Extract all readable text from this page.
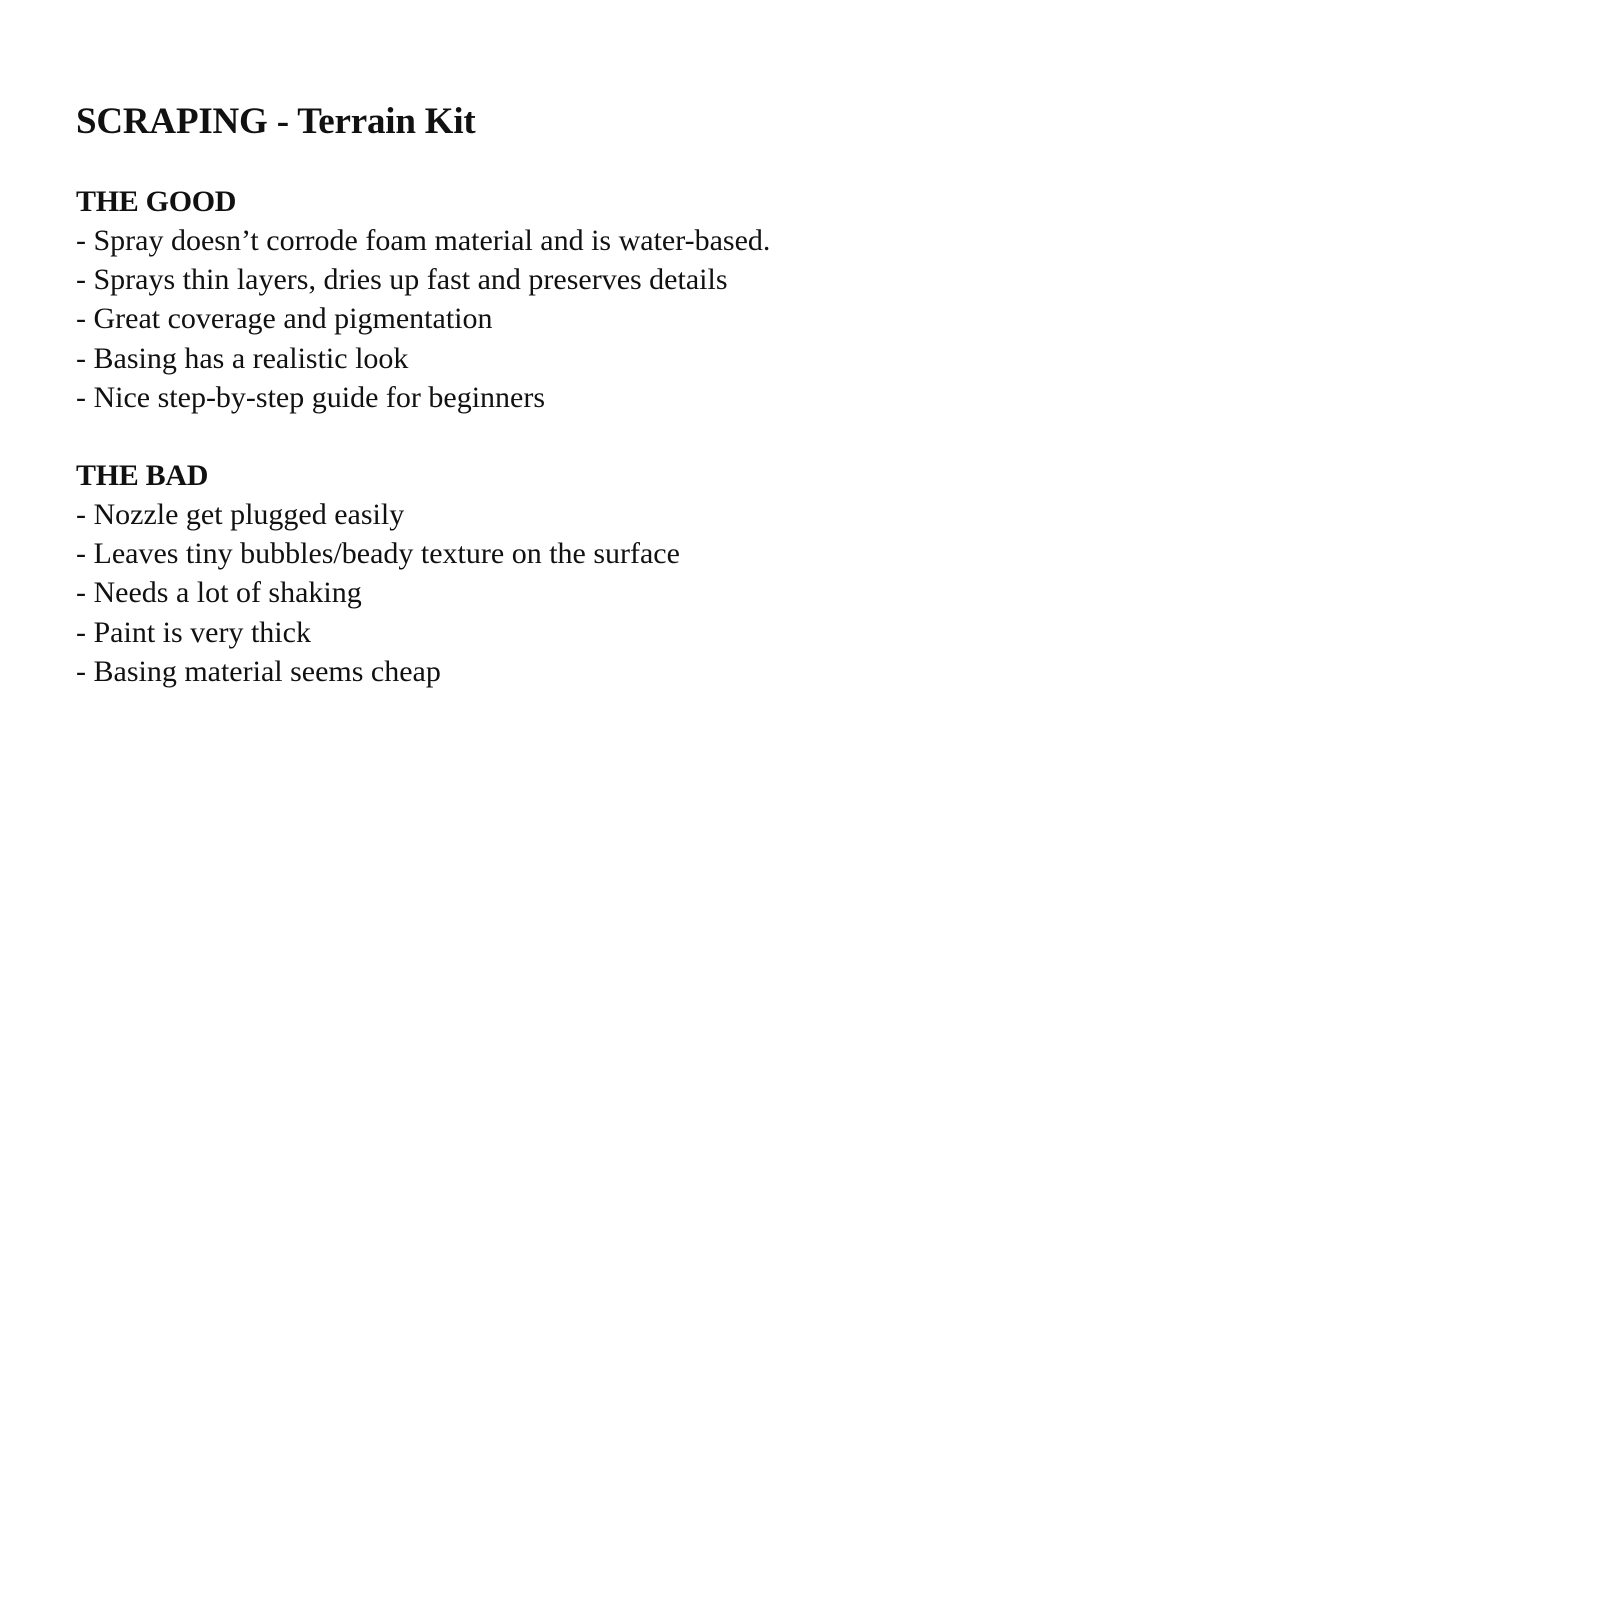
SCRAPING - Terrain Kit
THE GOOD
- Spray doesn’t corrode foam material and is water-based.
- Sprays thin layers, dries up fast and preserves details
- Great coverage and pigmentation
- Basing has a realistic look
- Nice step-by-step guide for beginners
THE BAD
- Nozzle get plugged easily
- Leaves tiny bubbles/beady texture on the surface
- Needs a lot of shaking
- Paint is very thick
- Basing material seems cheap
